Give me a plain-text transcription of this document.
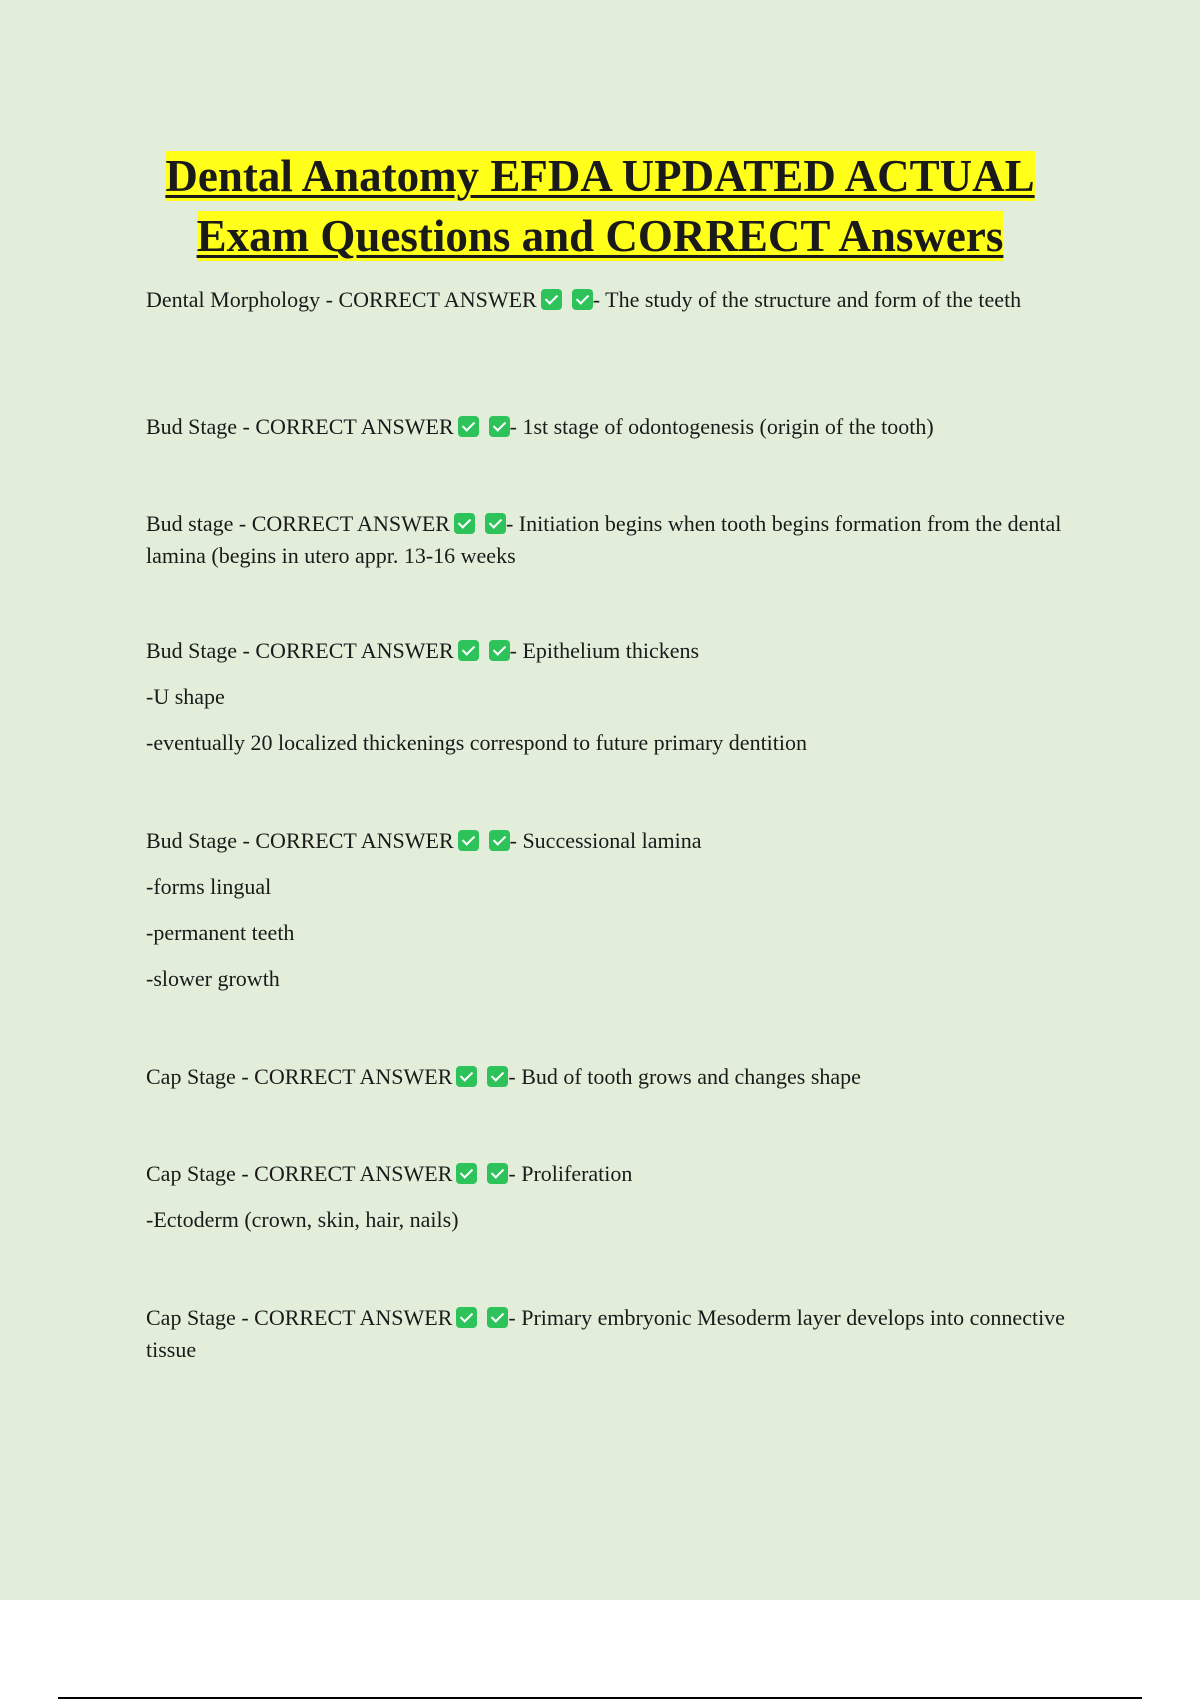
Dental Anatomy EFDA UPDATED ACTUAL
Exam Questions and CORRECT Answers

Dental Morphology - CORRECT ANSWER	- The study of the structure and form of the teeth

Bud Stage - CORRECT ANSWER	- 1st stage of odontogenesis (origin of the tooth)

Bud stage - CORRECT ANSWER	- Initiation begins when tooth begins formation from the dental lamina (begins in utero appr. 13-16 weeks

Bud Stage - CORRECT ANSWER	- Epithelium thickens

-U shape

-eventually 20 localized thickenings correspond to future primary dentition

Bud Stage - CORRECT ANSWER	- Successional lamina

-forms lingual

-permanent teeth

-slower growth

Cap Stage - CORRECT ANSWER	- Bud of tooth grows and changes shape

Cap Stage - CORRECT ANSWER	- Proliferation

-Ectoderm (crown, skin, hair, nails)

Cap Stage - CORRECT ANSWER	- Primary embryonic Mesoderm layer develops into connective tissue
